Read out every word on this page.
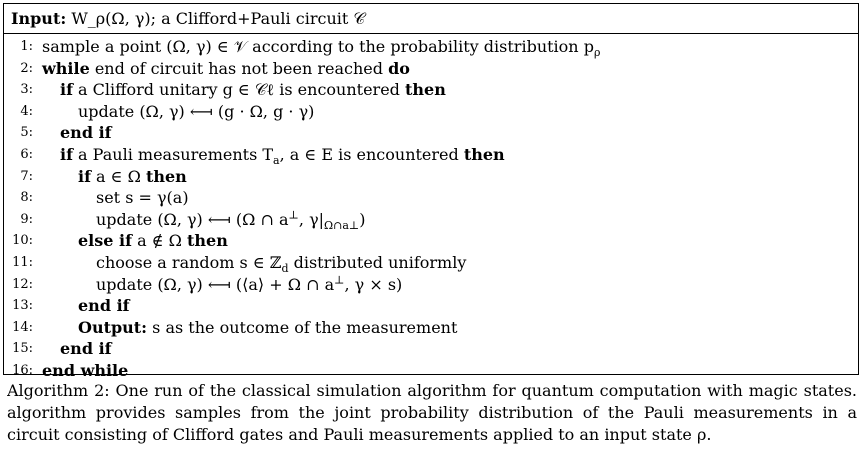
Input: W_ρ(Ω, γ); a Clifford+Pauli circuit 𝒞
1: sample a point (Ω, γ) ∈ 𝒱 according to the probability distribution $p_\rho$
2: while end of circuit has not been reached do
3: if a Clifford unitary g ∈ 𝒞ℓ is encountered then
4:	update (Ω, γ) ⟻ (g · Ω, g · γ)
5: end if
6: if a Pauli measurements $T_a$, a ∈ E is encountered then
7:	if a ∈ Ω then
8:	set s = γ(a)
9:	update (Ω, γ) ⟻ (Ω ∩ a⊥, $\gamma|_{\Omega\cap a\perp}$)
10:	else if a ∉ Ω then
11:	choose a random s ∈ ℤ$_d$ distributed uniformly
12:	update (Ω, γ) ⟻ (⟨a⟩ + Ω ∩ a⊥, γ × s)
13:	end if
14:	Output: s as the outcome of the measurement
15: end if
16: end while
Algorithm 2: One run of the classical simulation algorithm for quantum computation with magic states.
algorithm provides samples from the joint probability distribution of the Pauli measurements in a
circuit consisting of Clifford gates and Pauli measurements applied to an input state ρ.
